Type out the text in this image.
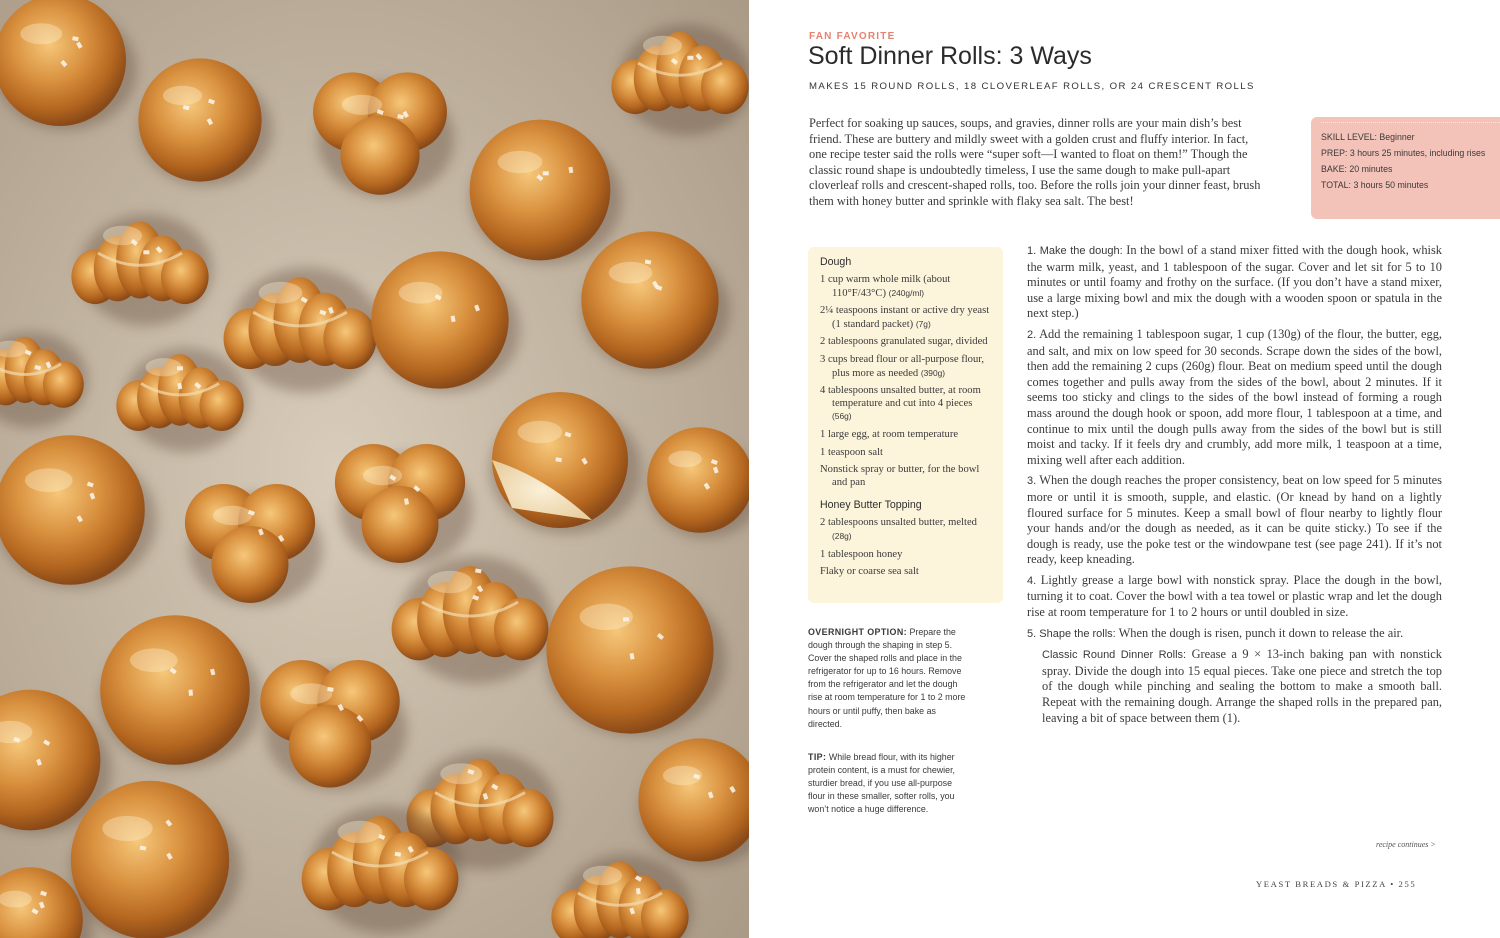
FAN FAVORITE
Soft Dinner Rolls: 3 Ways
MAKES 15 ROUND ROLLS, 18 CLOVERLEAF ROLLS, OR 24 CRESCENT ROLLS

Perfect for soaking up sauces, soups, and gravies, dinner rolls are your main dish’s best friend. These are buttery and mildly sweet with a golden crust and fluffy interior. In fact, one recipe tester said the rolls were “super soft—I wanted to float on them!” Though the classic round shape is undoubtedly timeless, I use the same dough to make pull-apart cloverleaf rolls and crescent-shaped rolls, too. Before the rolls join your dinner feast, brush them with honey butter and sprinkle with flaky sea salt. The best!

SKILL LEVEL: Beginner
PREP: 3 hours 25 minutes, including rises
BAKE: 20 minutes
TOTAL: 3 hours 50 minutes
Dough

1 cup warm whole milk (about 110°F/43°C) (240g/ml)

2¼ teaspoons instant or active dry yeast (1 standard packet) (7g)

2 tablespoons granulated sugar, divided

3 cups bread flour or all-purpose flour, plus more as needed (390g)

4 tablespoons unsalted butter, at room temperature and cut into 4 pieces (56g)

1 large egg, at room temperature

1 teaspoon salt

Nonstick spray or butter, for the bowl and pan

Honey Butter Topping

2 tablespoons unsalted butter, melted (28g)

1 tablespoon honey

Flaky or coarse sea salt

OVERNIGHT OPTION: Prepare the dough through the shaping in step 5. Cover the shaped rolls and place in the refrigerator for up to 16 hours. Remove from the refrigerator and let the dough rise at room temperature for 1 to 2 more hours or until puffy, then bake as directed.
TIP: While bread flour, with its higher protein content, is a must for chewier, sturdier bread, if you use all-purpose flour in these smaller, softer rolls, you won’t notice a huge difference.

1. Make the dough: In the bowl of a stand mixer fitted with the dough hook, whisk the warm milk, yeast, and 1 tablespoon of the sugar. Cover and let sit for 5 to 10 minutes or until foamy and frothy on the surface. (If you don’t have a stand mixer, use a large mixing bowl and mix the dough with a wooden spoon or spatula in the next step.)

2. Add the remaining 1 tablespoon sugar, 1 cup (130g) of the flour, the butter, egg, and salt, and mix on low speed for 30 seconds. Scrape down the sides of the bowl, then add the remaining 2 cups (260g) flour. Beat on medium speed until the dough comes together and pulls away from the sides of the bowl, about 2 minutes. If it seems too sticky and clings to the sides of the bowl instead of forming a rough mass around the dough hook or spoon, add more flour, 1 tablespoon at a time, and continue to mix until the dough pulls away from the sides of the bowl but is still moist and tacky. If it feels dry and crumbly, add more milk, 1 teaspoon at a time, mixing well after each addition.

3. When the dough reaches the proper consistency, beat on low speed for 5 minutes more or until it is smooth, supple, and elastic. (Or knead by hand on a lightly floured surface for 5 minutes. Keep a small bowl of flour nearby to lightly flour your hands and/or the dough as needed, as it can be quite sticky.) To see if the dough is ready, use the poke test or the windowpane test (see page 241). If it’s not ready, keep kneading.

4. Lightly grease a large bowl with nonstick spray. Place the dough in the bowl, turning it to coat. Cover the bowl with a tea towel or plastic wrap and let the dough rise at room temperature for 1 to 2 hours or until doubled in size.

5. Shape the rolls: When the dough is risen, punch it down to release the air.

Classic Round Dinner Rolls: Grease a 9 × 13-inch baking pan with nonstick spray. Divide the dough into 15 equal pieces. Take one piece and stretch the top of the dough while pinching and sealing the bottom to make a smooth ball. Repeat with the remaining dough. Arrange the shaped rolls in the prepared pan, leaving a bit of space between them (1).

recipe continues >
YEAST BREADS & PIZZA • 255
